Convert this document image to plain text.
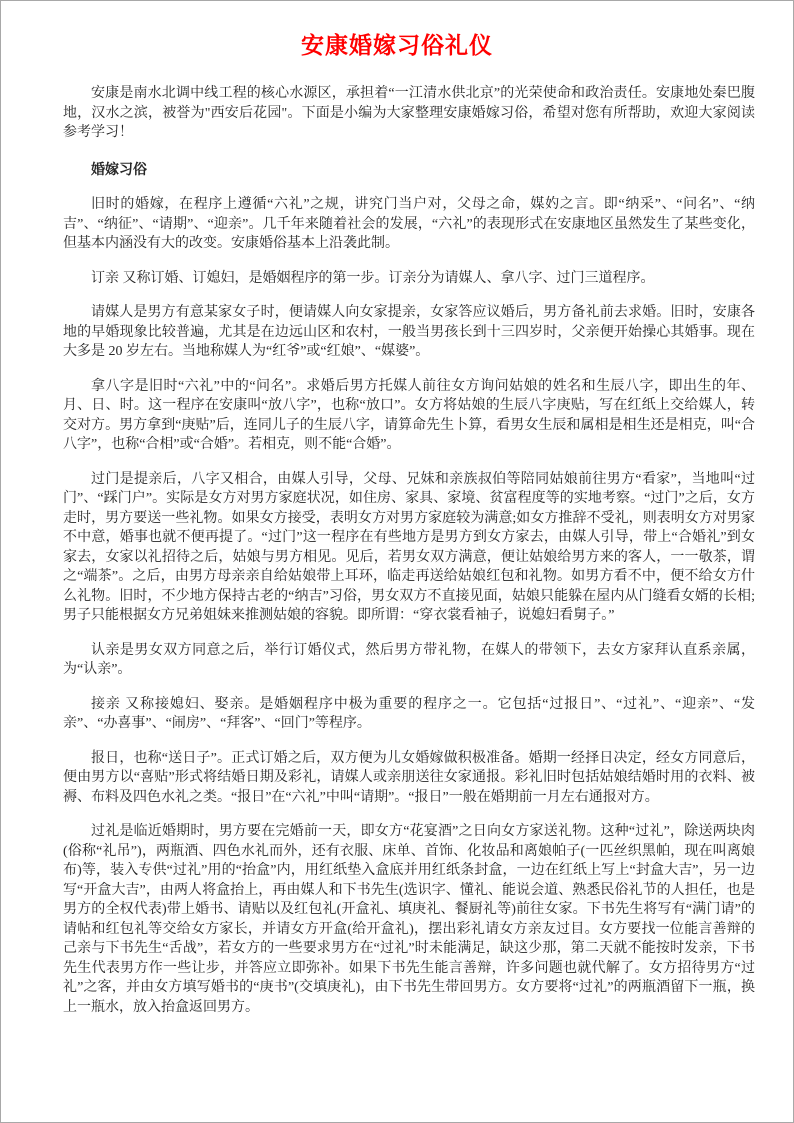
安康婚嫁习俗礼仪

安康是南水北调中线工程的核心水源区，承担着“一江清水供北京”的光荣使命和政治责任。安康地处秦巴腹地，汉水之滨，被誉为"西安后花园"。下面是小编为大家整理安康婚嫁习俗，希望对您有所帮助，欢迎大家阅读参考学习！

婚嫁习俗

旧时的婚嫁，在程序上遵循“六礼”之规，讲究门当户对，父母之命，媒妁之言。即“纳采”、“问名”、“纳吉”、“纳征”、“请期”、“迎亲”。几千年来随着社会的发展，“六礼”的表现形式在安康地区虽然发生了某些变化，但基本内涵没有大的改变。安康婚俗基本上沿袭此制。

订亲 又称订婚、订媳妇，是婚姻程序的第一步。订亲分为请媒人、拿八字、过门三道程序。

请媒人是男方有意某家女子时，便请媒人向女家提亲，女家答应议婚后，男方备礼前去求婚。旧时，安康各地的早婚现象比较普遍，尤其是在边远山区和农村，一般当男孩长到十三四岁时，父亲便开始操心其婚事。现在大多是 20 岁左右。当地称媒人为“红爷”或“红娘”、“媒婆”。

拿八字是旧时“六礼”中的“问名”。求婚后男方托媒人前往女方询问姑娘的姓名和生辰八字，即出生的年、月、日、时。这一程序在安康叫“放八字”，也称“放口”。女方将姑娘的生辰八字庚贴，写在红纸上交给媒人，转交对方。男方拿到“庚贴”后，连同儿子的生辰八字，请算命先生卜算，看男女生辰和属相是相生还是相克，叫“合八字”，也称“合相”或“合婚”。若相克，则不能“合婚”。

过门是提亲后，八字又相合，由媒人引导，父母、兄妹和亲族叔伯等陪同姑娘前往男方“看家”，当地叫“过门”、“踩门户”。实际是女方对男方家庭状况，如住房、家具、家境、贫富程度等的实地考察。“过门”之后，女方走时，男方要送一些礼物。如果女方接受，表明女方对男方家庭较为满意;如女方推辞不受礼，则表明女方对男家不中意，婚事也就不便再提了。“过门”这一程序在有些地方是男方到女方家去，由媒人引导，带上“合婚礼”到女家去，女家以礼招待之后，姑娘与男方相见。见后，若男女双方满意，便让姑娘给男方来的客人，一一敬茶，谓之“端茶”。之后，由男方母亲亲自给姑娘带上耳环，临走再送给姑娘红包和礼物。如男方看不中，便不给女方什么礼物。旧时，不少地方保持古老的“纳吉”习俗，男女双方不直接见面，姑娘只能躲在屋内从门缝看女婿的长相;男子只能根据女方兄弟姐妹来推测姑娘的容貌。即所谓：“穿衣裳看袖子，说媳妇看舅子。”

认亲是男女双方同意之后，举行订婚仪式，然后男方带礼物，在媒人的带领下，去女方家拜认直系亲属，为“认亲”。

接亲 又称接媳妇、娶亲。是婚姻程序中极为重要的程序之一。它包括“过报日”、“过礼”、“迎亲”、“发亲”、“办喜事”、“闹房”、“拜客”、“回门”等程序。

报日，也称“送日子”。正式订婚之后，双方便为儿女婚嫁做积极准备。婚期一经择日决定，经女方同意后，便由男方以“喜贴”形式将结婚日期及彩礼，请媒人或亲朋送往女家通报。彩礼旧时包括姑娘结婚时用的衣料、被褥、布料及四色水礼之类。“报日”在“六礼”中叫“请期”。“报日”一般在婚期前一月左右通报对方。

过礼是临近婚期时，男方要在完婚前一天，即女方“花宴酒”之日向女方家送礼物。这种“过礼”，除送两块肉(俗称“礼吊”)，两瓶酒、四色水礼而外，还有衣服、床单、首饰、化妆品和离娘帕子(一匹丝织黑帕，现在叫离娘布)等，装入专供“过礼”用的“抬盒”内，用红纸垫入盒底并用红纸条封盒，一边在红纸上写上“封盒大吉”，另一边写“开盒大吉”，由两人将盒抬上，再由媒人和下书先生(选识字、懂礼、能说会道、熟悉民俗礼节的人担任，也是男方的全权代表)带上婚书、请贴以及红包礼(开盒礼、填庚礼、餐厨礼等)前往女家。下书先生将写有“满门请”的请帖和红包礼等交给女方家长，并请女方开盒(给开盒礼)，摆出彩礼请女方亲友过目。女方要找一位能言善辩的己亲与下书先生“舌战”，若女方的一些要求男方在“过礼”时未能满足，缺这少那，第二天就不能按时发亲，下书先生代表男方作一些让步，并答应立即弥补。如果下书先生能言善辩，许多问题也就代解了。女方招待男方“过礼”之客，并由女方填写婚书的“庚书”(交填庚礼)，由下书先生带回男方。女方要将“过礼”的两瓶酒留下一瓶，换上一瓶水，放入抬盒返回男方。
